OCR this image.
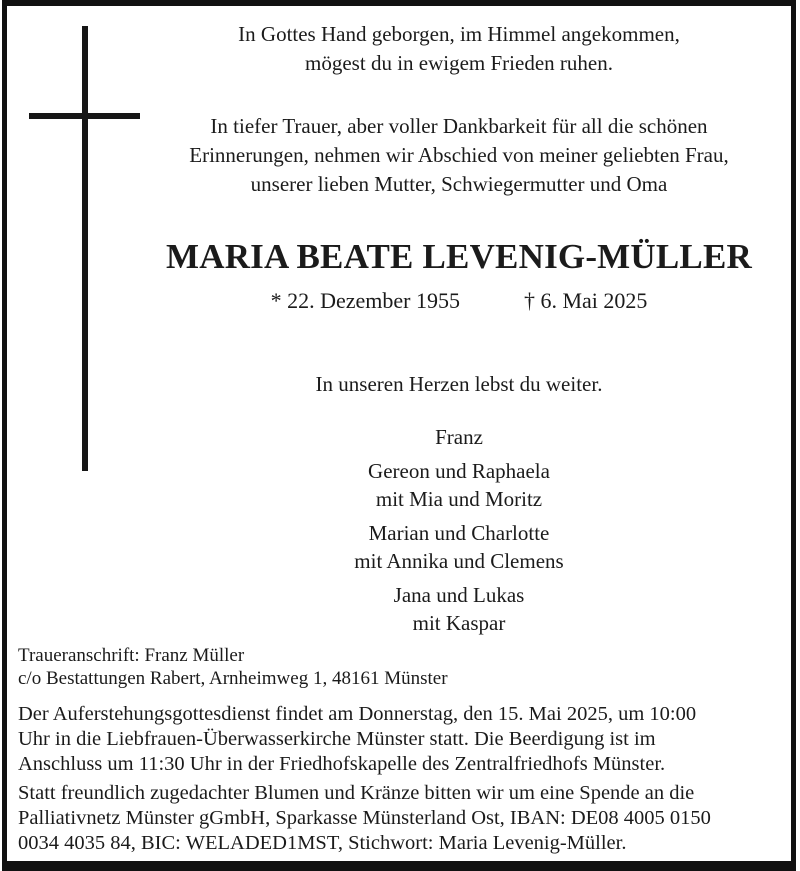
In Gottes Hand geborgen, im Himmel angekommen,
mögest du in ewigem Frieden ruhen.
In tiefer Trauer, aber voller Dankbarkeit für all die schönen
Erinnerungen, nehmen wir Abschied von meiner geliebten Frau,
unserer lieben Mutter, Schwiegermutter und Oma
MARIA BEATE LEVENIG-MÜLLER
* 22. Dezember 1955	† 6. Mai 2025
In unseren Herzen lebst du weiter.
Franz
Gereon und Raphaela
mit Mia und Moritz
Marian und Charlotte
mit Annika und Clemens
Jana und Lukas
mit Kaspar
Traueranschrift: Franz Müller
c/o Bestattungen Rabert, Arnheimweg 1, 48161 Münster
Der Auferstehungsgottesdienst findet am Donnerstag, den 15. Mai 2025, um 10:00
Uhr in die Liebfrauen-Überwasserkirche Münster statt. Die Beerdigung ist im
Anschluss um 11:30 Uhr in der Friedhofskapelle des Zentralfriedhofs Münster.
Statt freundlich zugedachter Blumen und Kränze bitten wir um eine Spende an die
Palliativnetz Münster gGmbH, Sparkasse Münsterland Ost, IBAN: DE08 4005 0150
0034 4035 84, BIC: WELADED1MST, Stichwort: Maria Levenig-Müller.
